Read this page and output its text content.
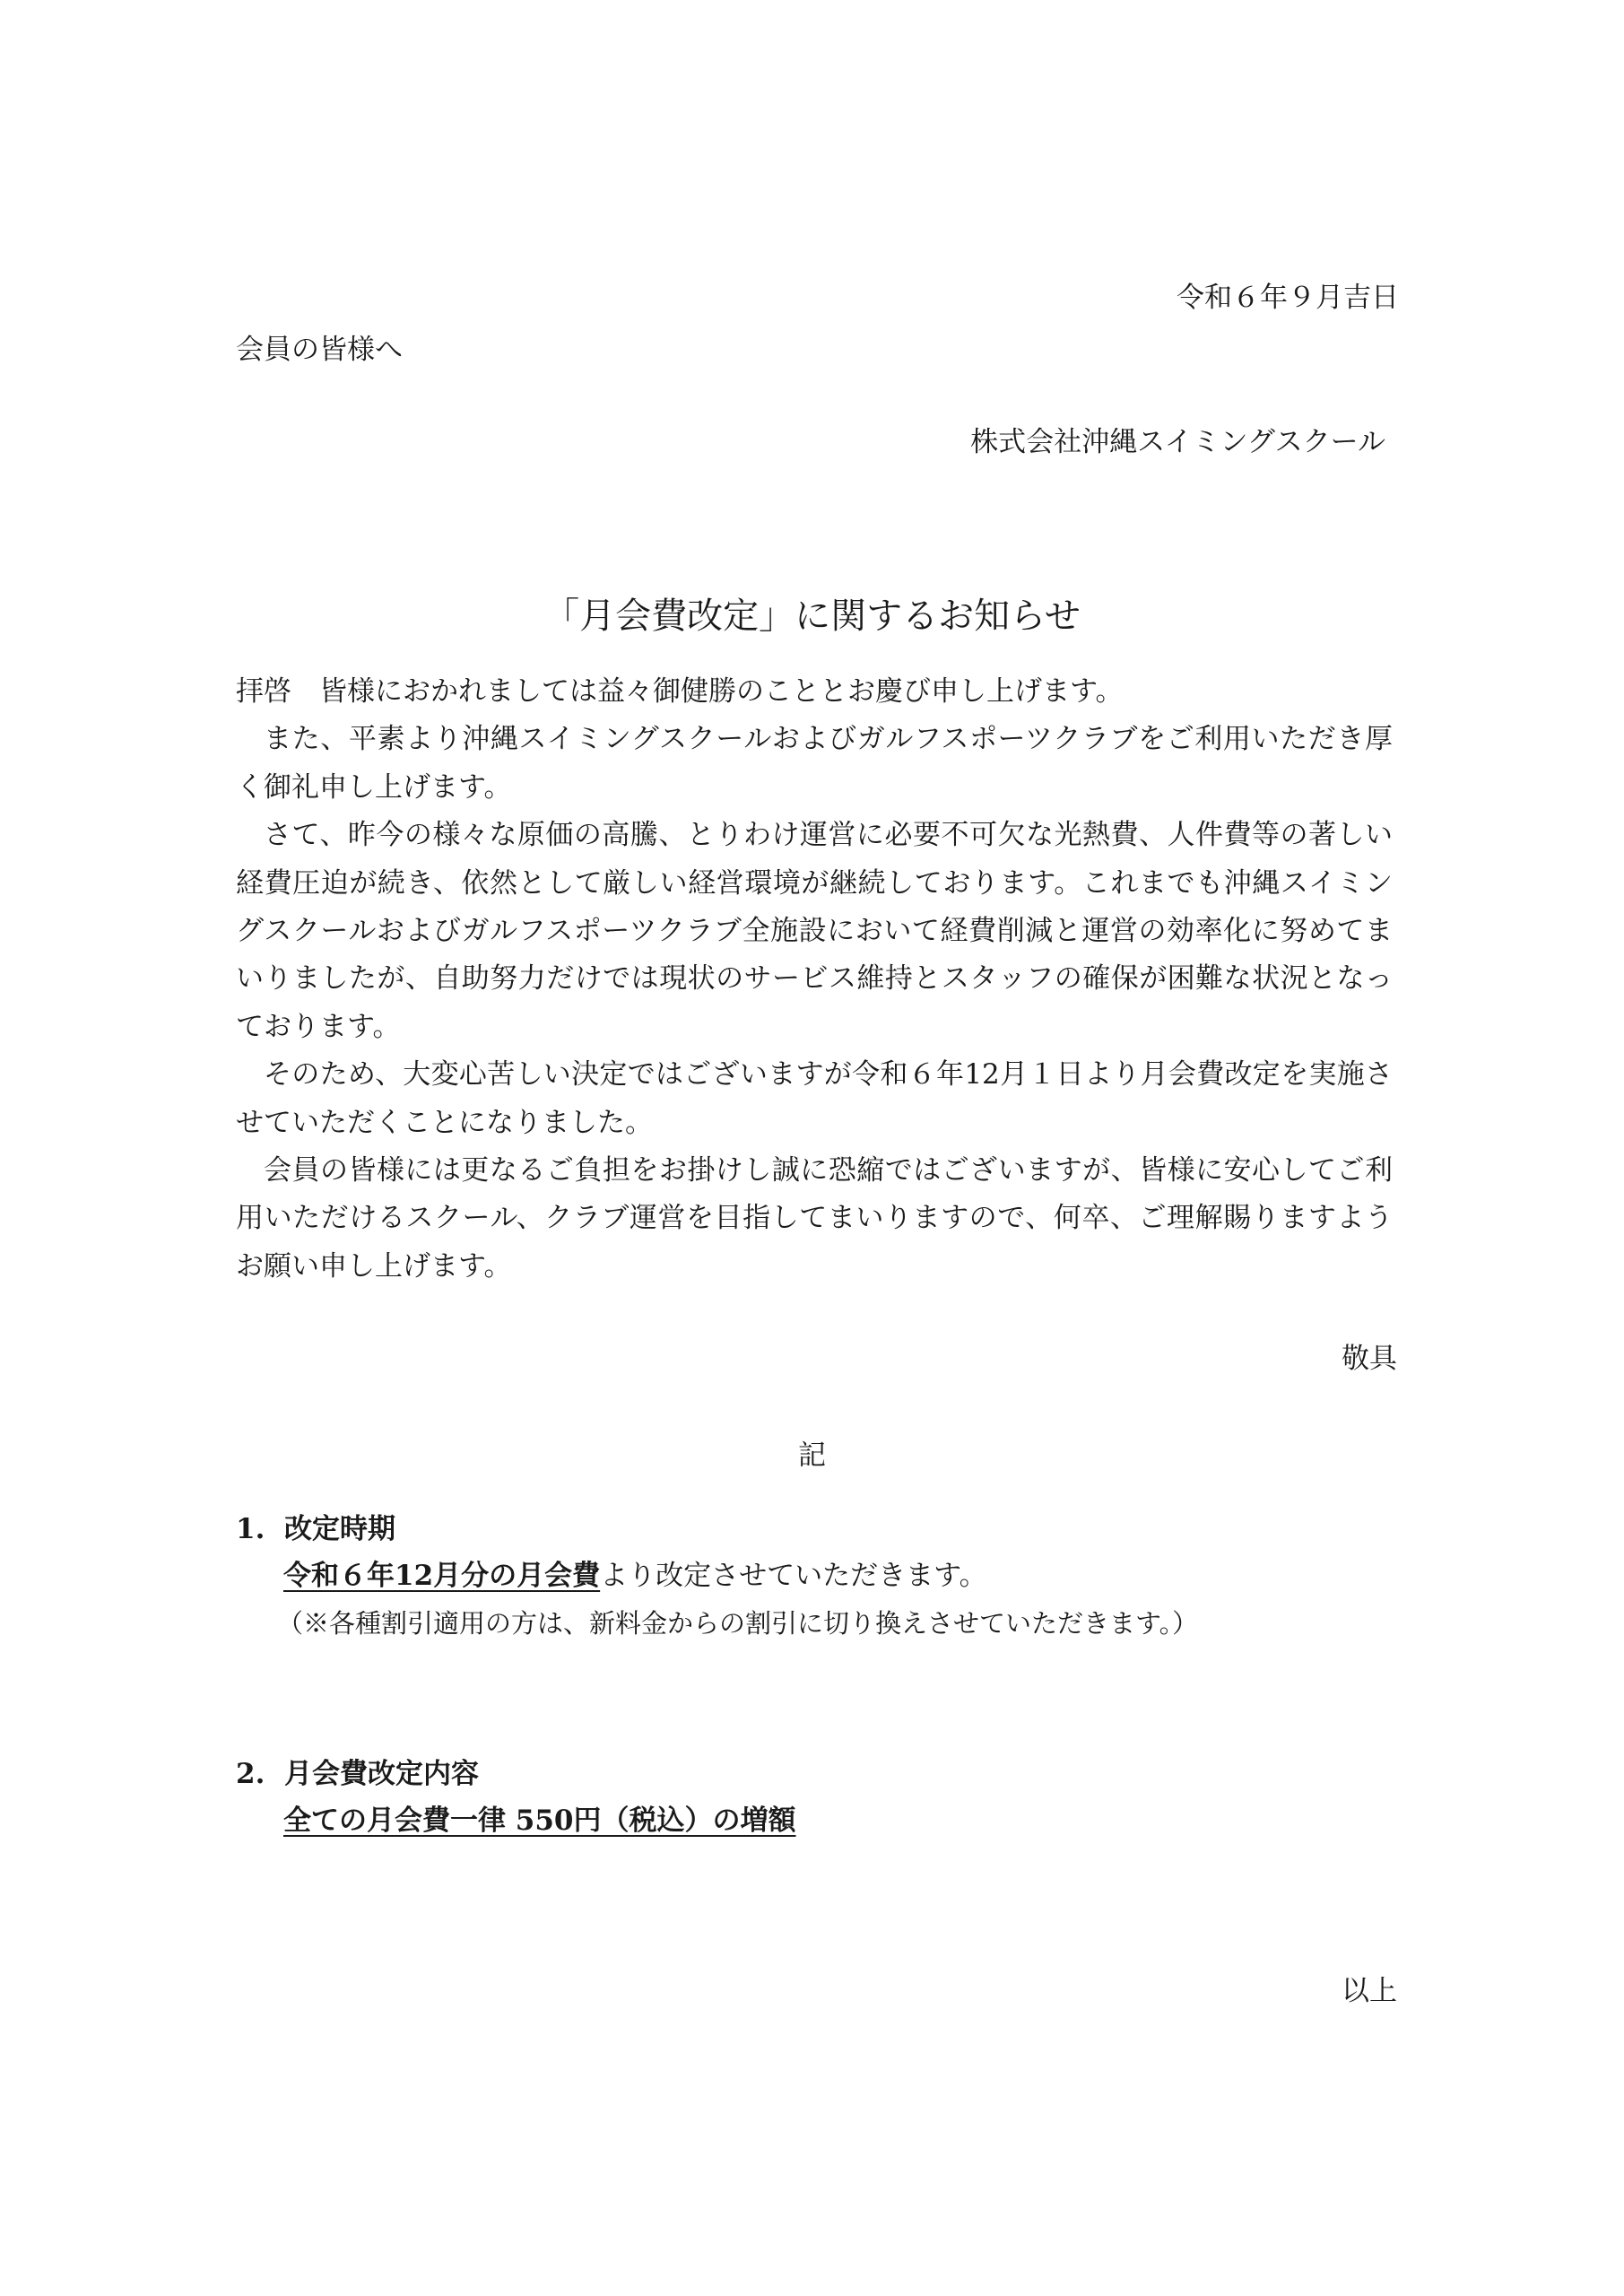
令和６年９月吉日

会員の皆様へ

株式会社沖縄スイミングスクール

「月会費改定」に関するお知らせ

拝啓　皆様におかれましては益々御健勝のこととお慶び申し上げます。

また、平素より沖縄スイミングスクールおよびガルフスポーツクラブをご利用いただき厚く御礼申し上げます。

さて、昨今の様々な原価の高騰、とりわけ運営に必要不可欠な光熱費、人件費等の著しい経費圧迫が続き、依然として厳しい経営環境が継続しております。これまでも沖縄スイミングスクールおよびガルフスポーツクラブ全施設において経費削減と運営の効率化に努めてまいりましたが、自助努力だけでは現状のサービス維持とスタッフの確保が困難な状況となっております。

そのため、大変心苦しい決定ではございますが令和６年12月１日より月会費改定を実施させていただくことになりました。

会員の皆様には更なるご負担をお掛けし誠に恐縮ではございますが、皆様に安心してご利用いただけるスクール、クラブ運営を目指してまいりますので、何卒、ご理解賜りますようお願い申し上げます。

敬具

記

1. 改定時期

令和６年12月分の月会費より改定させていただきます。

（※各種割引適用の方は、新料金からの割引に切り換えさせていただきます。）

2. 月会費改定内容

全ての月会費一律 550円（税込）の増額

以上
